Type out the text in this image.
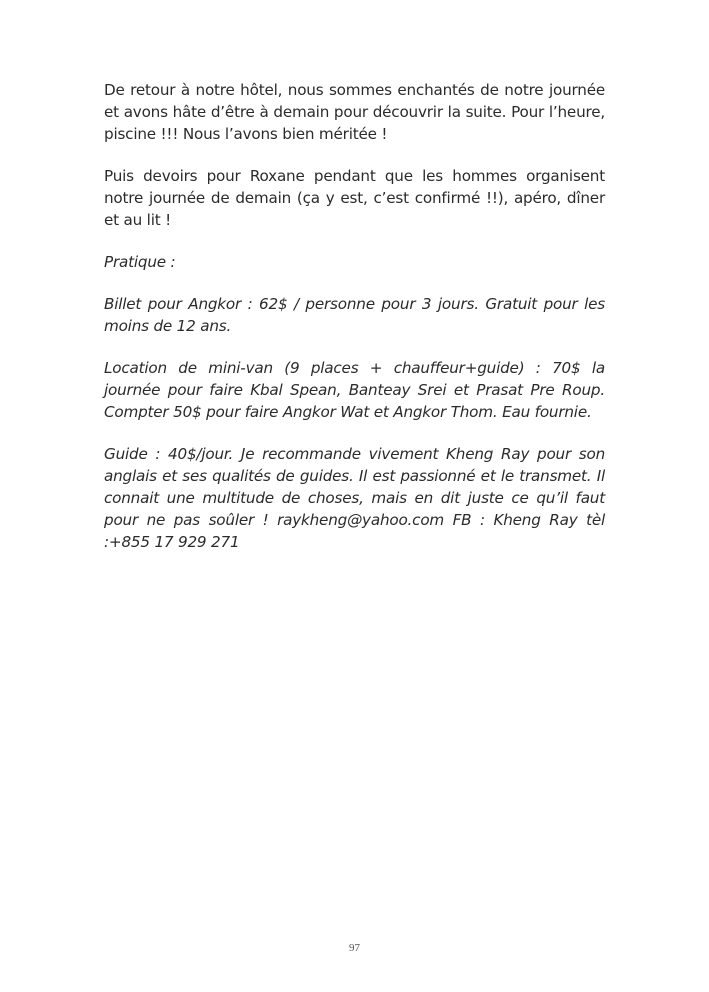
De retour à notre hôtel, nous sommes enchantés de notre journée et avons hâte d’être à demain pour découvrir la suite. Pour l’heure, piscine !!! Nous l’avons bien méritée !

Puis devoirs pour Roxane pendant que les hommes organisent notre journée de demain (ça y est, c’est confirmé !!), apéro, dîner et au lit !

Pratique :

Billet pour Angkor : 62$ / personne pour 3 jours. Gratuit pour les moins de 12 ans.

Location de mini-van (9 places + chauffeur+guide) : 70$ la journée pour faire Kbal Spean, Banteay Srei et Prasat Pre Roup. Compter 50$ pour faire Angkor Wat et Angkor Thom. Eau fournie.

Guide : 40$/jour. Je recommande vivement Kheng Ray pour son anglais et ses qualités de guides. Il est passionné et le transmet. Il connait une multitude de choses, mais en dit juste ce qu’il faut pour ne pas soûler ! raykheng@yahoo.com FB : Kheng Ray tèl :+855 17 929 271

97
